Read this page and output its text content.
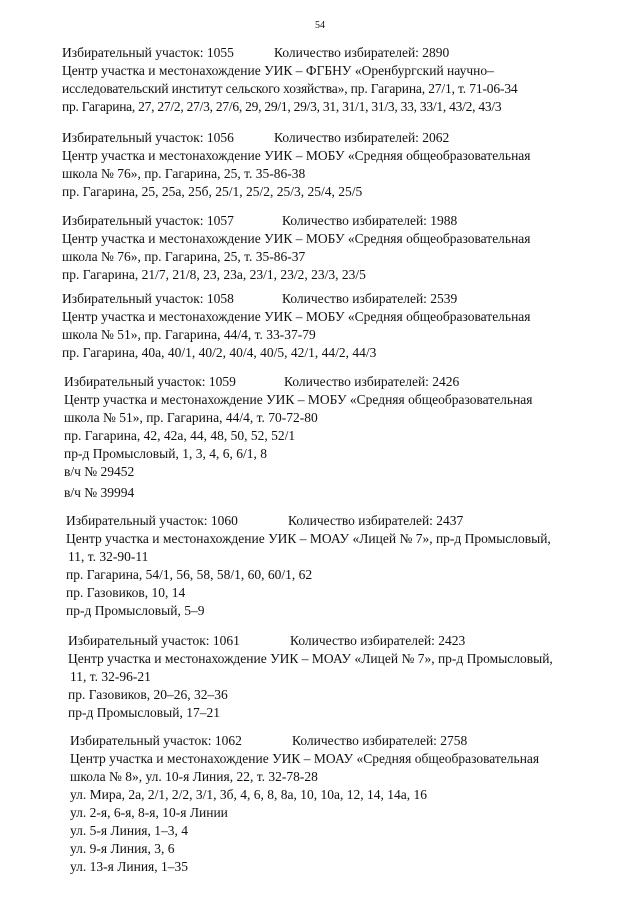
54
Избирательный участок: 1055	Количество избирателей: 2890
Центр участка и местонахождение УИК – ФГБНУ «Оренбургский научно–
исследовательский институт сельского хозяйства», пр. Гагарина, 27/1, т. 71-06-34
пр. Гагарина, 27, 27/2, 27/3, 27/6, 29, 29/1, 29/3, 31, 31/1, 31/3, 33, 33/1, 43/2, 43/3
Избирательный участок: 1056	Количество избирателей: 2062
Центр участка и местонахождение УИК – МОБУ «Средняя общеобразовательная
школа № 76», пр. Гагарина, 25, т. 35-86-38
пр. Гагарина, 25, 25а, 25б, 25/1, 25/2, 25/3, 25/4, 25/5
Избирательный участок: 1057	Количество избирателей: 1988
Центр участка и местонахождение УИК – МОБУ «Средняя общеобразовательная
школа № 76», пр. Гагарина, 25, т. 35-86-37
пр. Гагарина, 21/7, 21/8, 23, 23а, 23/1, 23/2, 23/3, 23/5
Избирательный участок: 1058	Количество избирателей: 2539
Центр участка и местонахождение УИК – МОБУ «Средняя общеобразовательная
школа № 51», пр. Гагарина, 44/4, т. 33-37-79
пр. Гагарина, 40а, 40/1, 40/2, 40/4, 40/5, 42/1, 44/2, 44/3
Избирательный участок: 1059	Количество избирателей: 2426
Центр участка и местонахождение УИК – МОБУ «Средняя общеобразовательная
школа № 51», пр. Гагарина, 44/4, т. 70-72-80
пр. Гагарина, 42, 42а, 44, 48, 50, 52, 52/1
пр-д Промысловый, 1, 3, 4, 6, 6/1, 8
в/ч № 29452
в/ч № 39994
Избирательный участок: 1060	Количество избирателей: 2437
Центр участка и местонахождение УИК – МОАУ «Лицей № 7», пр-д Промысловый,
11, т. 32-90-11
пр. Гагарина, 54/1, 56, 58, 58/1, 60, 60/1, 62
пр. Газовиков, 10, 14
пр-д Промысловый, 5–9
Избирательный участок: 1061	Количество избирателей: 2423
Центр участка и местонахождение УИК – МОАУ «Лицей № 7», пр-д Промысловый,
11, т. 32-96-21
пр. Газовиков, 20–26, 32–36
пр-д Промысловый, 17–21
Избирательный участок: 1062	Количество избирателей: 2758
Центр участка и местонахождение УИК – МОАУ «Средняя общеобразовательная
школа № 8», ул. 10-я Линия, 22, т. 32-78-28
ул. Мира, 2а, 2/1, 2/2, 3/1, 3б, 4, 6, 8, 8а, 10, 10а, 12, 14, 14а, 16
ул. 2-я, 6-я, 8-я, 10-я Линии
ул. 5-я Линия, 1–3, 4
ул. 9-я Линия, 3, 6
ул. 13-я Линия, 1–35
